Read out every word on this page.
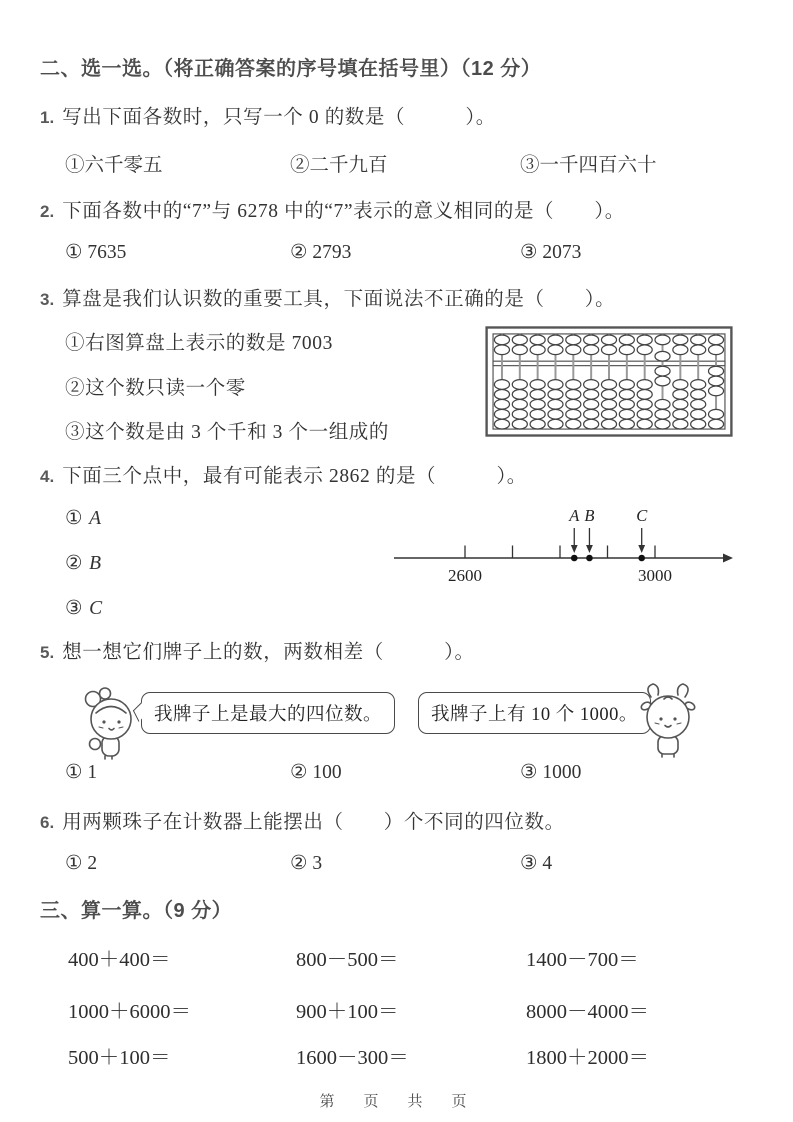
二、选一选。（将正确答案的序号填在括号里）（12 分）
1. 写出下面各数时，只写一个 0 的数是（　　　）。
①六千零五	②二千九百	③一千四百六十
2. 下面各数中的“7”与 6278 中的“7”表示的意义相同的是（　　）。
① 7635	② 2793	③ 2073
3. 算盘是我们认识数的重要工具，下面说法不正确的是（　　）。
①右图算盘上表示的数是 7003
②这个数只读一个零
③这个数是由 3 个千和 3 个一组成的
4. 下面三个点中，最有可能表示 2862 的是（　　　）。
① A
② B
③ C
2600	3000
A B	C
5. 想一想它们牌子上的数，两数相差（　　　）。
我牌子上是最大的四位数。	我牌子上有 10 个 1000。
① 1	② 100	③ 1000
6. 用两颗珠子在计数器上能摆出（　　）个不同的四位数。
① 2	② 3	③ 4
三、算一算。（9 分）
400＋400＝	800－500＝	1400－700＝
1000＋6000＝	900＋100＝	8000－4000＝
500＋100＝	1600－300＝	1800＋2000＝
第　页　共　页
